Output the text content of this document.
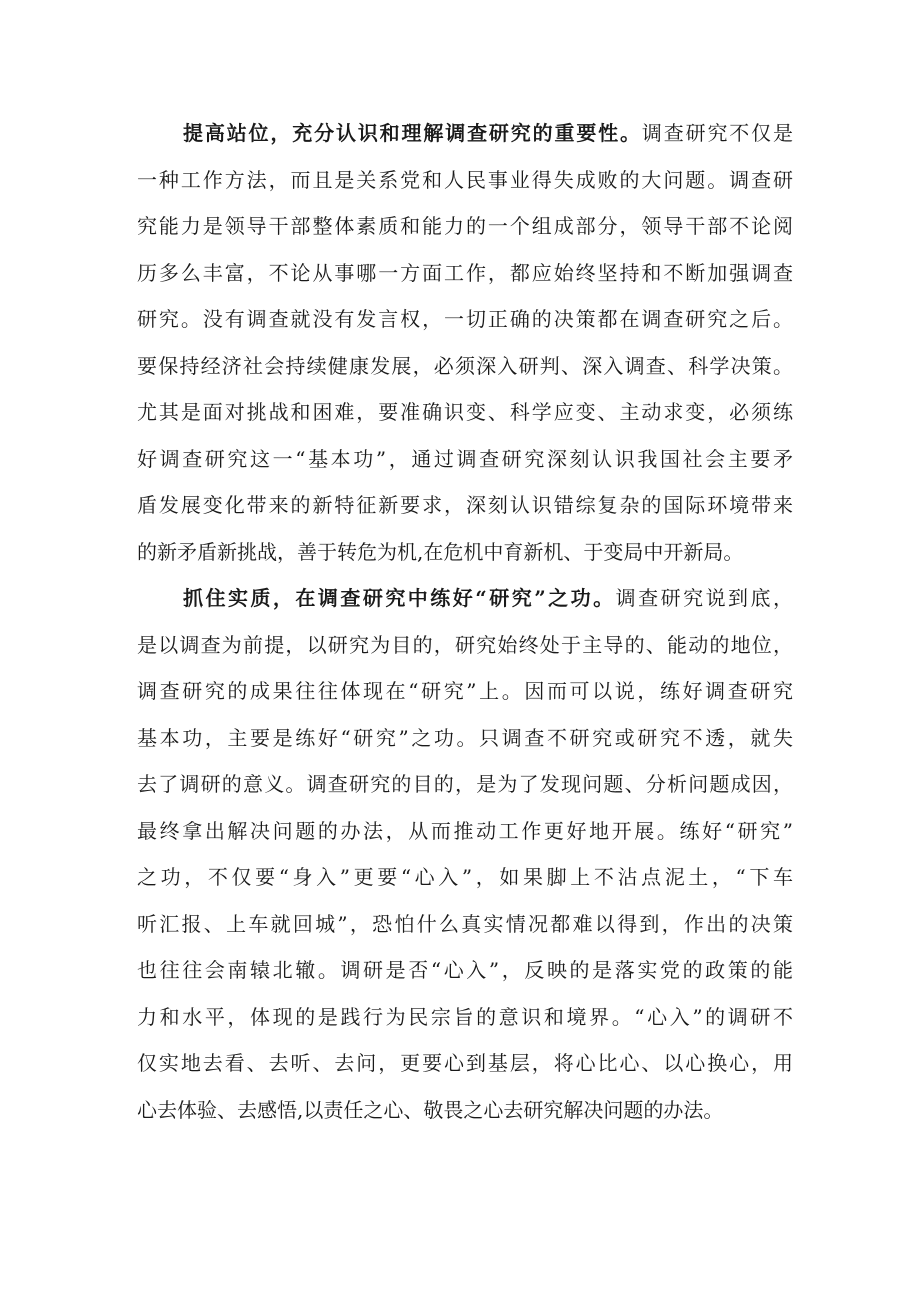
提高站位，充分认识和理解调查研究的重要性。调查研究不仅是
一种工作方法，而且是关系党和人民事业得失成败的大问题。调查研
究能力是领导干部整体素质和能力的一个组成部分，领导干部不论阅
历多么丰富，不论从事哪一方面工作，都应始终坚持和不断加强调查
研究。没有调查就没有发言权，一切正确的决策都在调查研究之后。
要保持经济社会持续健康发展，必须深入研判、深入调查、科学决策。
尤其是面对挑战和困难，要准确识变、科学应变、主动求变，必须练
好调查研究这一“基本功”，通过调查研究深刻认识我国社会主要矛
盾发展变化带来的新特征新要求，深刻认识错综复杂的国际环境带来
的新矛盾新挑战，善于转危为机,在危机中育新机、于变局中开新局。
抓住实质，在调查研究中练好“研究”之功。调查研究说到底，
是以调查为前提，以研究为目的，研究始终处于主导的、能动的地位，
调查研究的成果往往体现在“研究”上。因而可以说，练好调查研究
基本功，主要是练好“研究”之功。只调查不研究或研究不透，就失
去了调研的意义。调查研究的目的，是为了发现问题、分析问题成因，
最终拿出解决问题的办法，从而推动工作更好地开展。练好“研究”
之功，不仅要“身入”更要“心入”，如果脚上不沾点泥土，“下车
听汇报、上车就回城”，恐怕什么真实情况都难以得到，作出的决策
也往往会南辕北辙。调研是否“心入”，反映的是落实党的政策的能
力和水平，体现的是践行为民宗旨的意识和境界。“心入”的调研不
仅实地去看、去听、去问，更要心到基层，将心比心、以心换心，用
心去体验、去感悟,以责任之心、敬畏之心去研究解决问题的办法。
